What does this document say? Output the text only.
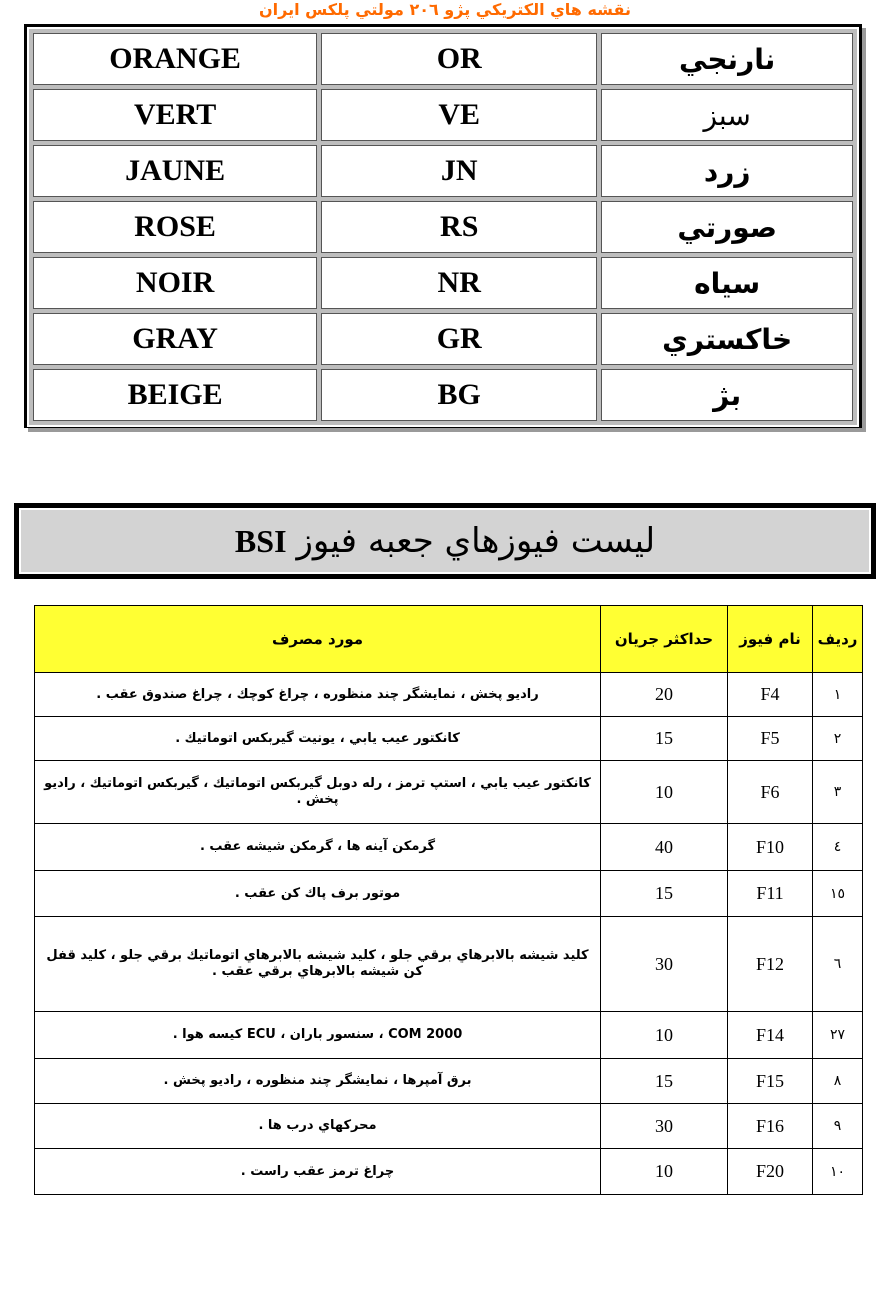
نقشه هاي الكتريكي پژو ٢٠٦ مولتي پلكس ايران
ORANGE	OR	نارنجي
VERT	VE	سبز
JAUNE	JN	زرد
ROSE	RS	صورتي
NOIR	NR	سياه
GRAY	GR	خاكستري
BEIGE	BG	بژ
ليست فيوزهاي جعبه فيوز
BSI
رديف	نام فيوز	حداكثر جريان	مورد مصرف
١	F4	20	راديو پخش ، نمايشگر چند منظوره ، چراغ كوچك ، چراغ صندوق عقب .
٢	F5	15	كانكتور عيب يابي ، يونيت گيربكس اتوماتيك .
٣	F6	10	كانكتور عيب يابي ، استپ ترمز ، رله دوبل گيربكس اتوماتيك ، گيربكس اتوماتيك ، راديو پخش .
٤	F10	40	گرمكن آينه ها ، گرمكن شيشه عقب .
١٥	F11	15	موتور برف پاك كن عقب .
٦	F12	30	كليد شيشه بالابرهاي برقي جلو ، كليد شيشه بالابرهاي اتوماتيك برقي جلو ، كليد قفل كن شيشه بالابرهاي برقي عقب .
٢٧	F14	10	COM 2000 ، سنسور باران ، ECU كيسه هوا .
٨	F15	15	برق آمپرها ، نمايشگر چند منظوره ، راديو پخش .
٩	F16	30	محركهاي درب ها .
١٠	F20	10	چراغ ترمز عقب راست .
